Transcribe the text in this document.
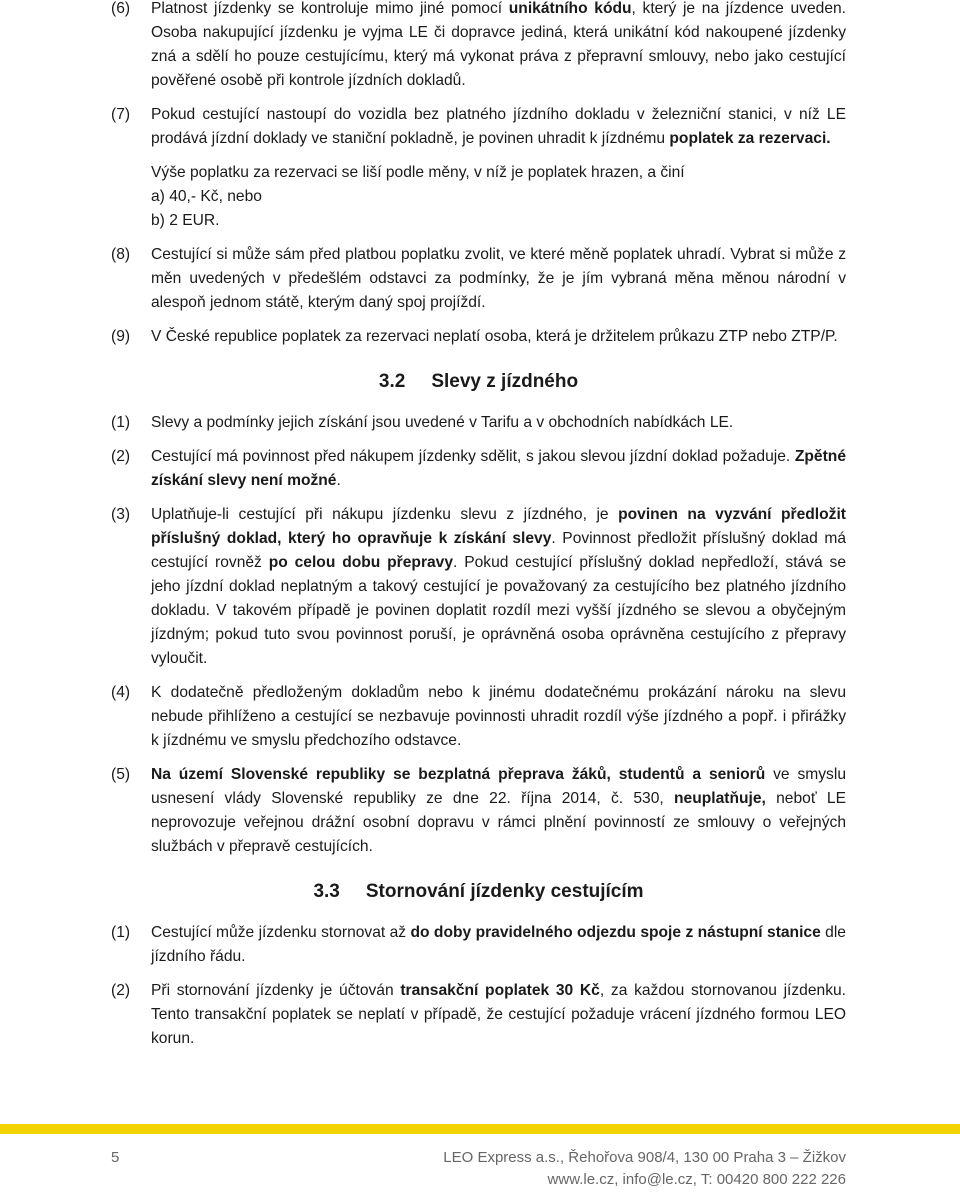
(6) Platnost jízdenky se kontroluje mimo jiné pomocí unikátního kódu, který je na jízdence uveden. Osoba nakupující jízdenku je vyjma LE či dopravce jediná, která unikátní kód nakoupené jízdenky zná a sdělí ho pouze cestujícímu, který má vykonat práva z přepravní smlouvy, nebo jako cestující pověřené osobě při kontrole jízdních dokladů.

(7) Pokud cestující nastoupí do vozidla bez platného jízdního dokladu v železniční stanici, v níž LE prodává jízdní doklady ve staniční pokladně, je povinen uhradit k jízdnému poplatek za rezervaci.

Výše poplatku za rezervaci se liší podle měny, v níž je poplatek hrazen, a činí

a) 40,- Kč, nebo

b) 2 EUR.

(8) Cestující si může sám před platbou poplatku zvolit, ve které měně poplatek uhradí. Vybrat si může z měn uvedených v předešlém odstavci za podmínky, že je jím vybraná měna měnou národní v alespoň jednom státě, kterým daný spoj projíždí.

(9) V České republice poplatek za rezervaci neplatí osoba, která je držitelem průkazu ZTP nebo ZTP/P.

3.2 Slevy z jízdného
(1) Slevy a podmínky jejich získání jsou uvedené v Tarifu a v obchodních nabídkách LE.

(2) Cestující má povinnost před nákupem jízdenky sdělit, s jakou slevou jízdní doklad požaduje. Zpětné získání slevy není možné.

(3) Uplatňuje-li cestující při nákupu jízdenku slevu z jízdného, je povinen na vyzvání předložit příslušný doklad, který ho opravňuje k získání slevy. Povinnost předložit příslušný doklad má cestující rovněž po celou dobu přepravy. Pokud cestující příslušný doklad nepředloží, stává se jeho jízdní doklad neplatným a takový cestující je považovaný za cestujícího bez platného jízdního dokladu. V takovém případě je povinen doplatit rozdíl mezi vyšší jízdného se slevou a obyčejným jízdným; pokud tuto svou povinnost poruší, je oprávněná osoba oprávněna cestujícího z přepravy vyloučit.

(4) K dodatečně předloženým dokladům nebo k jinému dodatečnému prokázání nároku na slevu nebude přihlíženo a cestující se nezbavuje povinnosti uhradit rozdíl výše jízdného a popř. i přirážky k jízdnému ve smyslu předchozího odstavce.

(5) Na území Slovenské republiky se bezplatná přeprava žáků, studentů a seniorů ve smyslu usnesení vlády Slovenské republiky ze dne 22. října 2014, č. 530, neuplatňuje, neboť LE neprovozuje veřejnou drážní osobní dopravu v rámci plnění povinností ze smlouvy o veřejných službách v přepravě cestujících.

3.3 Stornování jízdenky cestujícím
(1) Cestující může jízdenku stornovat až do doby pravidelného odjezdu spoje z nástupní stanice dle jízdního řádu.

(2) Při stornování jízdenky je účtován transakční poplatek 30 Kč, za každou stornovanou jízdenku. Tento transakční poplatek se neplatí v případě, že cestující požaduje vrácení jízdného formou LEO korun.

5	LEO Express a.s., Řehořova 908/4, 130 00 Praha 3 – Žižkov
www.le.cz, info@le.cz, T: 00420 800 222 226
